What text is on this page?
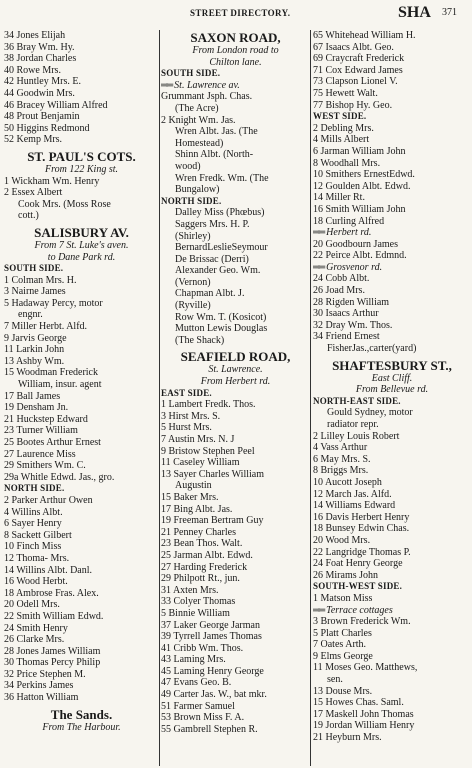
STREET DIRECTORY.	SHA 371
34 Jones Elijah
36 Bray Wm. Hy.
38 Jordan Charles
40 Rowe Mrs.
42 Huntley Mrs. E.
44 Goodwin Mrs.
46 Bracey William Alfred
48 Prout Benjamin
50 Higgins Redmond
52 Kemp Mrs.
ST. PAUL'S COTS.
From 122 King st.
1 Wickham Wm. Henry
2 Essex Albert
Cook Mrs. (Moss Rose
cott.)
SALISBURY AV.
From 7 St. Luke's aven.
to Dane Park rd.
SOUTH SIDE.
1 Colman Mrs. H.
3 Nairne James
5 Hadaway Percy, motor
engnr.
7 Miller Herbt. Alfd.
9 Jarvis George
11 Larkin John
13 Ashby Wm.
15 Woodman Frederick
William, insur. agent
17 Ball James
19 Densham Jn.
21 Huckstep Edward
23 Turner William
25 Bootes Arthur Ernest
27 Laurence Miss
29 Smithers Wm. C.
29a Whitle Edwd. Jas., gro.
NORTH SIDE.
2 Parker Arthur Owen
4 Willins Albt.
6 Sayer Henry
8 Sackett Gilbert
10 Finch Miss
12 Thoma- Mrs.
14 Willins Albt. Danl.
16 Wood Herbt.
18 Ambrose Fras. Alex.
20 Odell Mrs.
22 Smith William Edwd.
24 Smith Henry
26 Clarke Mrs.
28 Jones James William
30 Thomas Percy Philip
32 Price Stephen M.
34 Perkins James
36 Hatton William
The Sands.
From The Harbour.
SAXON ROAD,
From London road to
Chilton lane.
SOUTH SIDE.
══ St. Lawrence av.
Grummant Jsph. Chas.
(The Acre)
2 Knight Wm. Jas.
Wren Albt. Jas. (The
Homestead)
Shinn Albt. (North-
wood)
Wren Fredk. Wm. (The
Bungalow)
NORTH SIDE.
Dalley Miss (Phœbus)
Saggers Mrs. H. P.
(Shirley)
BernardLeslieSeymour
De Brissac (Derri)
Alexander Geo. Wm.
(Vernon)
Chapman Albt. J.
(Ryville)
Row Wm. T. (Kosicot)
Mutton Lewis Douglas
(The Shack)
SEAFIELD ROAD,
St. Lawrence.
From Herbert rd.
EAST SIDE.
1 Lambert Fredk. Thos.
3 Hirst Mrs. S.
5 Hurst Mrs.
7 Austin Mrs. N. J
9 Bristow Stephen Peel
11 Caseley William
13 Sayer Charles William
Augustin
15 Baker Mrs.
17 Bing Albt. Jas.
19 Freeman Bertram Guy
21 Penney Charles
23 Bean Thos. Walt.
25 Jarman Albt. Edwd.
27 Harding Frederick
29 Philpott Rt., jun.
31 Axten Mrs.
33 Colyer Thomas
5 Binnie William
37 Laker George Jarman
39 Tyrrell James Thomas
41 Cribb Wm. Thos.
43 Laming Mrs.
45 Laming Henry George
47 Evans Geo. B.
49 Carter Jas. W., bat mkr.
51 Farmer Samuel
53 Brown Miss F. A.
55 Gambrell Stephen R.
65 Whitehead William H.
67 Isaacs Albt. Geo.
69 Craycraft Frederick
71 Cox Edward James
73 Clapson Lionel V.
75 Hewett Walt.
77 Bishop Hy. Geo.
WEST SIDE.
2 Debling Mrs.
4 Mills Albert
6 Jarman William John
8 Woodhall Mrs.
10 Smithers ErnestEdwd.
12 Goulden Albt. Edwd.
14 Miller Rt.
16 Smith William John
18 Curling Alfred
══ Herbert rd.
20 Goodbourn James
22 Peirce Albt. Edmnd.
══ Grosvenor rd.
24 Cobb Albt.
26 Joad Mrs.
28 Rigden William
30 Isaacs Arthur
32 Dray Wm. Thos.
34 Friend Ernest
FisherJas.,carter(yard)
SHAFTESBURY ST.,
East Cliff.
From Bellevue rd.
NORTH-EAST SIDE.
Gould Sydney, motor
radiator repr.
2 Lilley Louis Robert
4 Vass Arthur
6 May Mrs. S.
8 Briggs Mrs.
10 Aucott Joseph
12 March Jas. Alfd.
14 Williams Edward
16 Davis Herbert Henry
18 Bunsey Edwin Chas.
20 Wood Mrs.
22 Langridge Thomas P.
24 Foat Henry George
26 Mirams John
SOUTH-WEST SIDE.
1 Matson Miss
══ Terrace cottages
3 Brown Frederick Wm.
5 Platt Charles
7 Oates Arth.
9 Elms George
11 Moses Geo. Matthews,
sen.
13 Douse Mrs.
15 Howes Chas. Saml.
17 Maskell John Thomas
19 Jordan William Henry
21 Heyburn Mrs.
